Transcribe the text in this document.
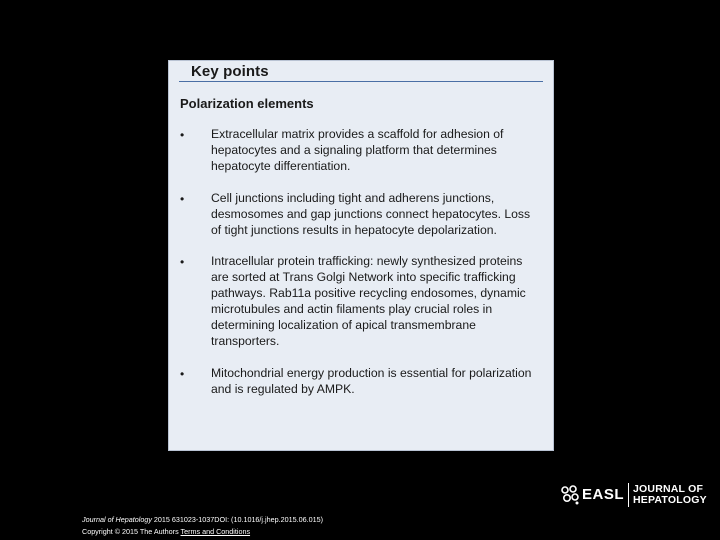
Key points
Polarization elements
• Extracellular matrix provides a scaffold for adhesion of hepatocytes and a signaling platform that determines hepatocyte differentiation.
• Cell junctions including tight and adherens junctions, desmosomes and gap junctions connect hepatocytes. Loss of tight junctions results in hepatocyte depolarization.
• Intracellular protein trafficking: newly synthesized proteins are sorted at Trans Golgi Network into specific trafficking pathways. Rab11a positive recycling endosomes, dynamic microtubules and actin filaments play crucial roles in determining localization of apical transmembrane transporters.
• Mitochondrial energy production is essential for polarization and is regulated by AMPK.
Journal of Hepatology 2015 631023-1037DOI: (10.1016/j.jhep.2015.06.015)
Copyright © 2015 The Authors Terms and Conditions
EASL JOURNAL OF
HEPATOLOGY
